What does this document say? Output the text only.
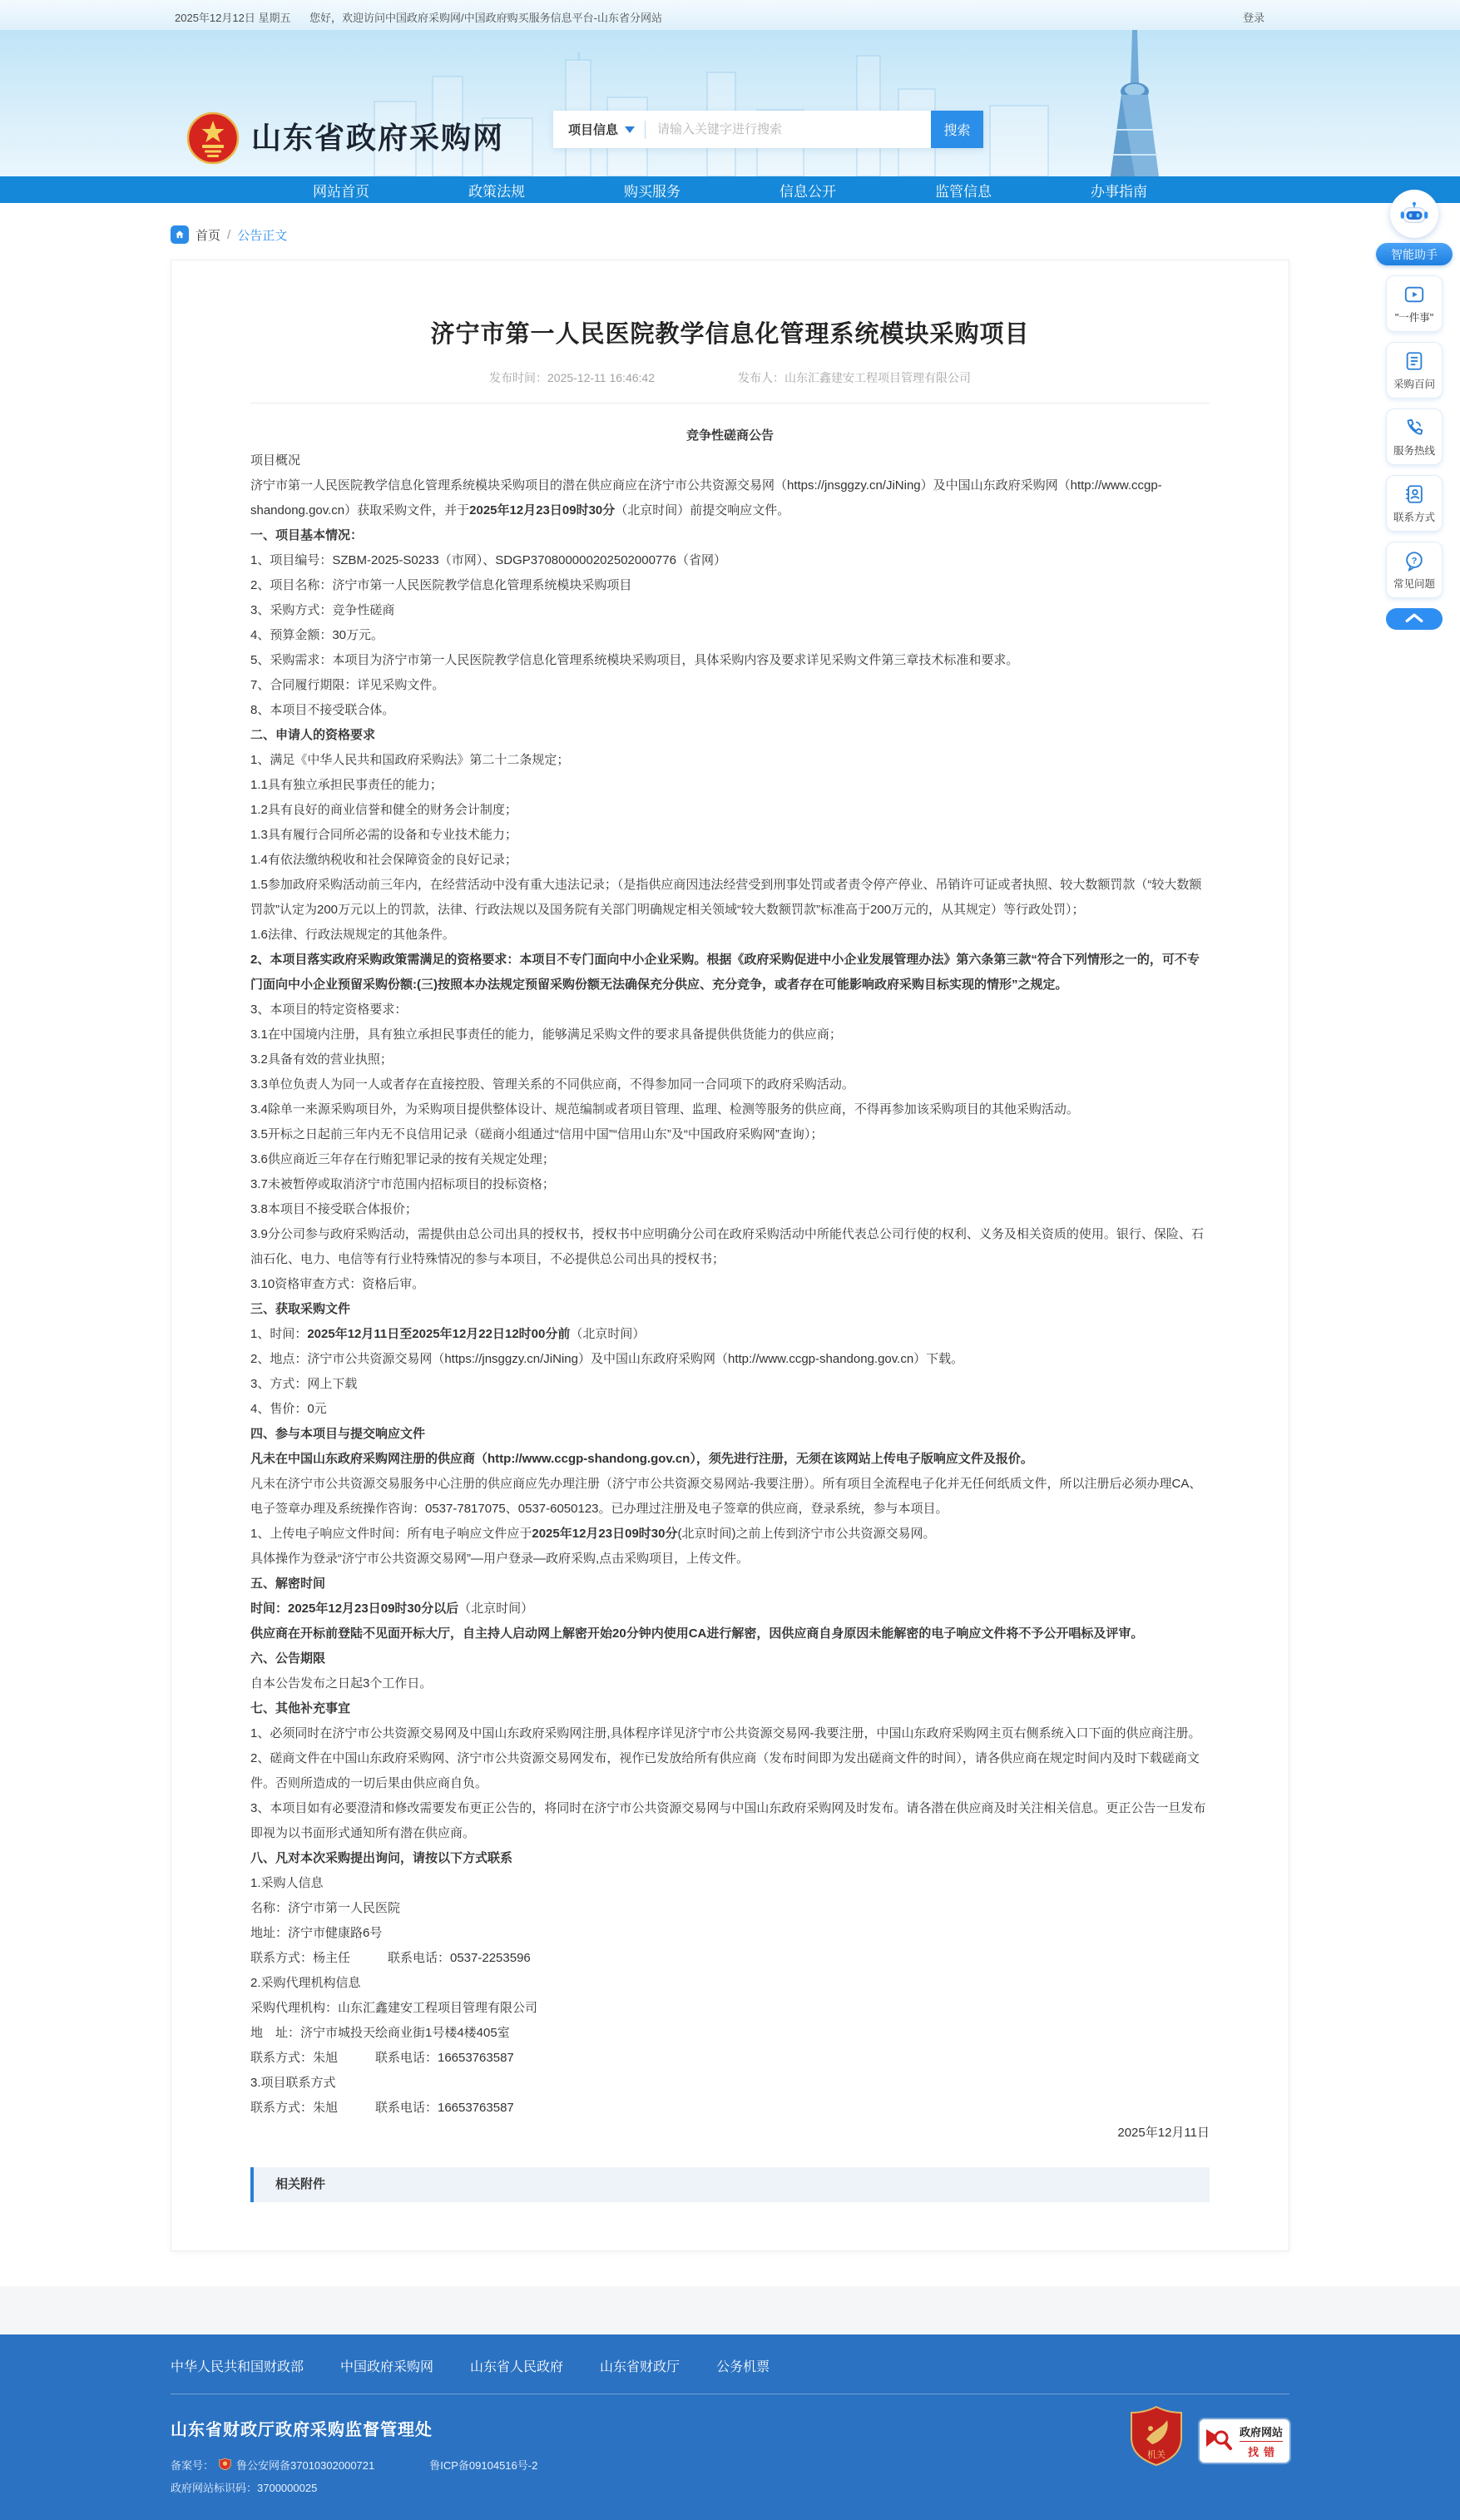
2025年12月12日 星期五 您好，欢迎访问中国政府采购网/中国政府购买服务信息平台-山东省分网站	登录
山东省政府采购网	项目信息
请输入关键字进行搜索	搜索
网站首页	政策法规	购买服务	信息公开	监管信息	办事指南
首页 / 公告正文
济宁市第一人民医院教学信息化管理系统模块采购项目
发布时间：2025-12-11 16:46:42	发布人：山东汇鑫建安工程项目管理有限公司

竞争性磋商公告

项目概况

济宁市第一人民医院教学信息化管理系统模块采购项目的潜在供应商应在济宁市公共资源交易网（https://jnsggzy.cn/JiNing）及中国山东政府采购网（http://www.ccgp-shandong.gov.cn）获取采购文件，并于2025年12月23日09时30分（北京时间）前提交响应文件。

一、项目基本情况：

1、项目编号：SZBM-2025-S0233（市网）、SDGP370800000202502000776（省网）

2、项目名称：济宁市第一人民医院教学信息化管理系统模块采购项目

3、采购方式：竞争性磋商

4、预算金额：30万元。

5、采购需求：本项目为济宁市第一人民医院教学信息化管理系统模块采购项目，具体采购内容及要求详见采购文件第三章技术标准和要求。

7、合同履行期限：详见采购文件。

8、本项目不接受联合体。

二、申请人的资格要求

1、满足《中华人民共和国政府采购法》第二十二条规定；

1.1具有独立承担民事责任的能力；

1.2具有良好的商业信誉和健全的财务会计制度；

1.3具有履行合同所必需的设备和专业技术能力；

1.4有依法缴纳税收和社会保障资金的良好记录；

1.5参加政府采购活动前三年内，在经营活动中没有重大违法记录；（是指供应商因违法经营受到刑事处罚或者责令停产停业、吊销许可证或者执照、较大数额罚款（“较大数额罚款”认定为200万元以上的罚款，法律、行政法规以及国务院有关部门明确规定相关领域“较大数额罚款”标准高于200万元的，从其规定）等行政处罚）；

1.6法律、行政法规规定的其他条件。

2、本项目落实政府采购政策需满足的资格要求：本项目不专门面向中小企业采购。根据《政府采购促进中小企业发展管理办法》第六条第三款“符合下列情形之一的，可不专门面向中小企业预留采购份额:(三)按照本办法规定预留采购份额无法确保充分供应、充分竞争，或者存在可能影响政府采购目标实现的情形”之规定。

3、本项目的特定资格要求：

3.1在中国境内注册，具有独立承担民事责任的能力，能够满足采购文件的要求具备提供供货能力的供应商；

3.2具备有效的营业执照；

3.3单位负责人为同一人或者存在直接控股、管理关系的不同供应商，不得参加同一合同项下的政府采购活动。

3.4除单一来源采购项目外，为采购项目提供整体设计、规范编制或者项目管理、监理、检测等服务的供应商，不得再参加该采购项目的其他采购活动。

3.5开标之日起前三年内无不良信用记录（磋商小组通过“信用中国”“信用山东”及“中国政府采购网”查询）；

3.6供应商近三年存在行贿犯罪记录的按有关规定处理；

3.7未被暂停或取消济宁市范围内招标项目的投标资格；

3.8本项目不接受联合体报价；

3.9分公司参与政府采购活动，需提供由总公司出具的授权书，授权书中应明确分公司在政府采购活动中所能代表总公司行使的权利、义务及相关资质的使用。银行、保险、石油石化、电力、电信等有行业特殊情况的参与本项目，不必提供总公司出具的授权书；

3.10资格审查方式：资格后审。

三、获取采购文件

1、时间：2025年12月11日至2025年12月22日12时00分前（北京时间）

2、地点：济宁市公共资源交易网（https://jnsggzy.cn/JiNing）及中国山东政府采购网（http://www.ccgp-shandong.gov.cn）下载。

3、方式：网上下载

4、售价：0元

四、参与本项目与提交响应文件

凡未在中国山东政府采购网注册的供应商（http://www.ccgp-shandong.gov.cn），须先进行注册，无须在该网站上传电子版响应文件及报价。

凡未在济宁市公共资源交易服务中心注册的供应商应先办理注册（济宁市公共资源交易网站-我要注册）。所有项目全流程电子化并无任何纸质文件，所以注册后必须办理CA、电子签章办理及系统操作咨询：0537-7817075、0537-6050123。已办理过注册及电子签章的供应商，登录系统，参与本项目。

1、上传电子响应文件时间：所有电子响应文件应于2025年12月23日09时30分(北京时间)之前上传到济宁市公共资源交易网。

具体操作为登录“济宁市公共资源交易网”—用户登录—政府采购,点击采购项目，上传文件。

五、解密时间

时间：2025年12月23日09时30分以后（北京时间）

供应商在开标前登陆不见面开标大厅，自主持人启动网上解密开始20分钟内使用CA进行解密，因供应商自身原因未能解密的电子响应文件将不予公开唱标及评审。

六、公告期限

自本公告发布之日起3个工作日。

七、其他补充事宜

1、必须同时在济宁市公共资源交易网及中国山东政府采购网注册,具体程序详见济宁市公共资源交易网-我要注册，中国山东政府采购网主页右侧系统入口下面的供应商注册。

2、磋商文件在中国山东政府采购网、济宁市公共资源交易网发布，视作已发放给所有供应商（发布时间即为发出磋商文件的时间），请各供应商在规定时间内及时下载磋商文件。否则所造成的一切后果由供应商自负。

3、本项目如有必要澄清和修改需要发布更正公告的，将同时在济宁市公共资源交易网与中国山东政府采购网及时发布。请各潜在供应商及时关注相关信息。更正公告一旦发布即视为以书面形式通知所有潜在供应商。

八、凡对本次采购提出询问，请按以下方式联系

1.采购人信息

名称：济宁市第一人民医院

地址：济宁市健康路6号

联系方式：杨主任　　　联系电话：0537-2253596

2.采购代理机构信息

采购代理机构：山东汇鑫建安工程项目管理有限公司

地　址：济宁市城投天绘商业街1号楼4楼405室

联系方式：朱旭　　　联系电话：16653763587

3.项目联系方式

联系方式：朱旭　　　联系电话：16653763587

2025年12月11日

相关附件
中华人民共和国财政部	中国政府采购网	山东省人民政府	山东省财政厅	公务机票
山东省财政厅政府采购监督管理处
备案号： 鲁公安网备37010302000721	鲁ICP备09104516号-2
政府网站标识码：3700000025
机关
政府网站
找错
智能助手
"一件事"
采购百问
服务热线
联系方式
?
常见问题
